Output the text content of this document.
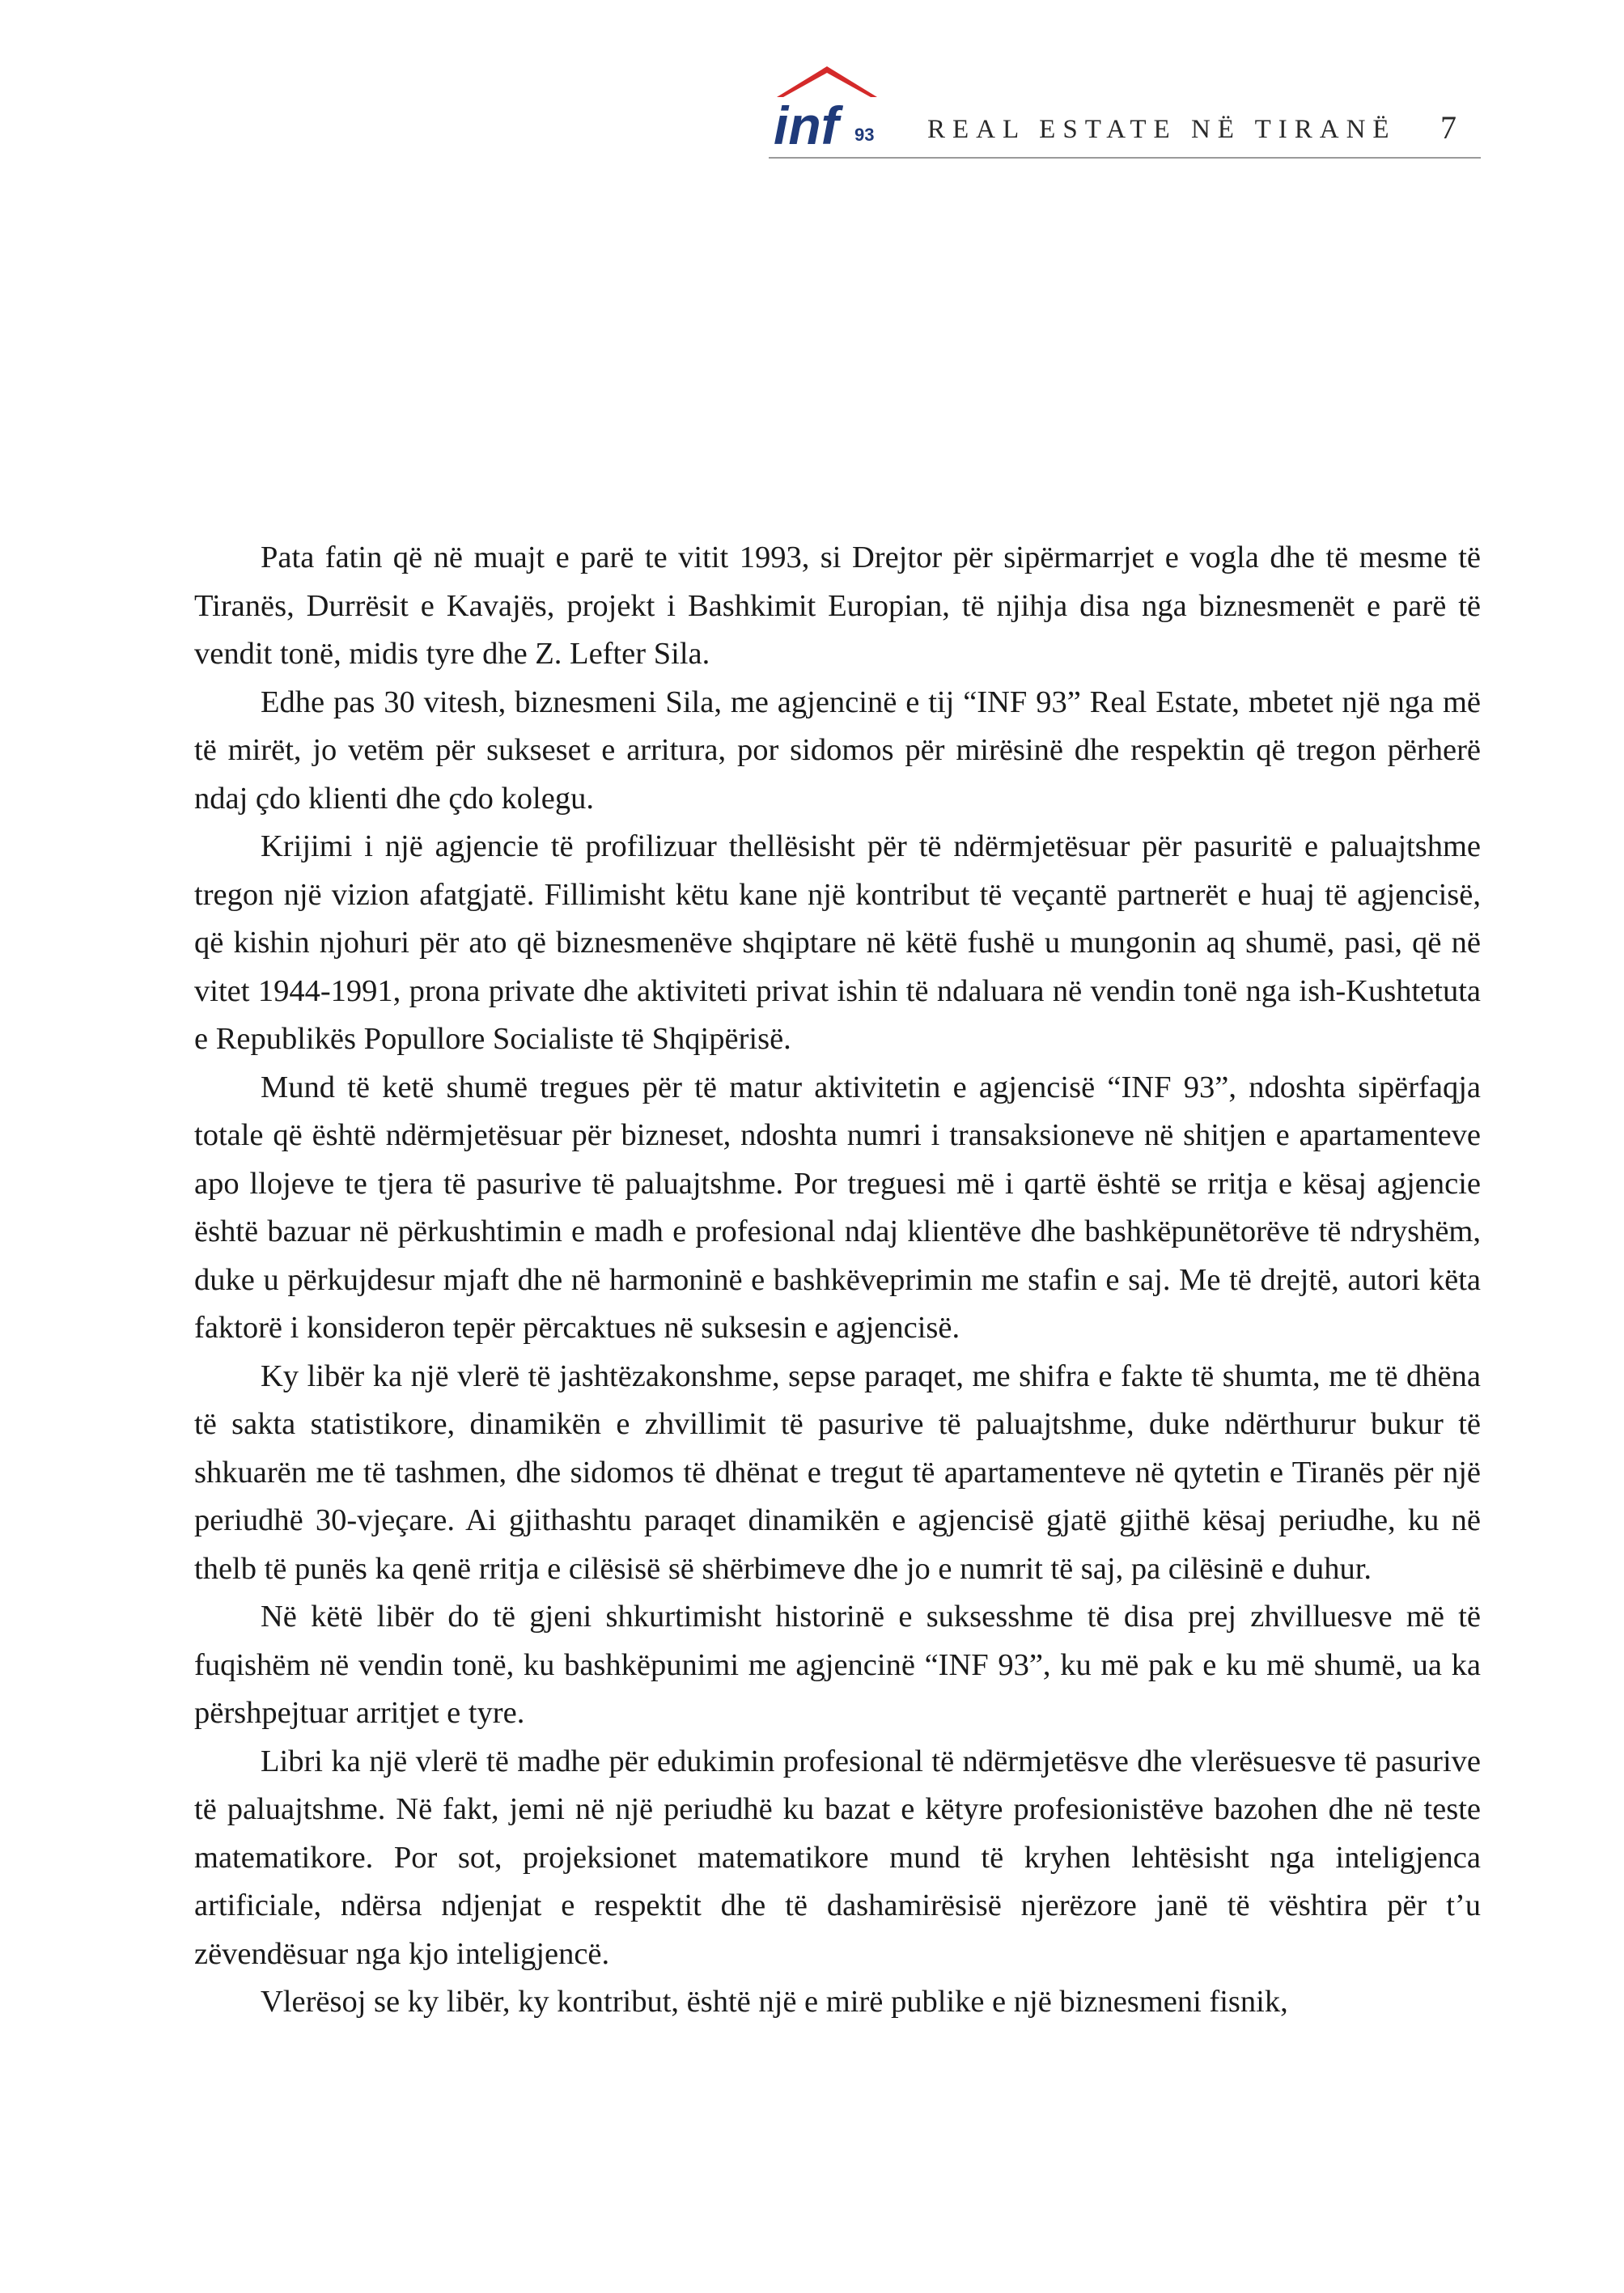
inf 93 REAL ESTATE NË TIRANË 7

Pata fatin që në muajt e parë te vitit 1993, si Drejtor për sipërmarrjet e vogla dhe të mesme të Tiranës, Durrësit e Kavajës, projekt i Bashkimit Europian, të njihja disa nga biznesmenët e parë të vendit tonë, midis tyre dhe Z. Lefter Sila.

Edhe pas 30 vitesh, biznesmeni Sila, me agjencinë e tij “INF 93” Real Estate, mbetet një nga më të mirët, jo vetëm për sukseset e arritura, por sidomos për mirësinë dhe respektin që tregon përherë ndaj çdo klienti dhe çdo kolegu.

Krijimi i një agjencie të profilizuar thellësisht për të ndërmjetësuar për pasuritë e paluajtshme tregon një vizion afatgjatë. Fillimisht këtu kane një kontribut të veçantë partnerët e huaj të agjencisë, që kishin njohuri për ato që biznesmenëve shqiptare në këtë fushë u mungonin aq shumë, pasi, që në vitet 1944-1991, prona private dhe aktiviteti privat ishin të ndaluara në vendin tonë nga ish-Kushtetuta e Republikës Popullore Socialiste të Shqipërisë.

Mund të ketë shumë tregues për të matur aktivitetin e agjencisë “INF 93”, ndoshta sipërfaqja totale që është ndërmjetësuar për bizneset, ndoshta numri i transaksioneve në shitjen e apartamenteve apo llojeve te tjera të pasurive të paluajtshme. Por treguesi më i qartë është se rritja e kësaj agjencie është bazuar në përkushtimin e madh e profesional ndaj klientëve dhe bashkëpunëtorëve të ndryshëm, duke u përkujdesur mjaft dhe në harmoninë e bashkëveprimin me stafin e saj. Me të drejtë, autori këta faktorë i konsideron tepër përcaktues në suksesin e agjencisë.

Ky libër ka një vlerë të jashtëzakonshme, sepse paraqet, me shifra e fakte të shumta, me të dhëna të sakta statistikore, dinamikën e zhvillimit të pasurive të paluajtshme, duke ndërthurur bukur të shkuarën me të tashmen, dhe sidomos të dhënat e tregut të apartamenteve në qytetin e Tiranës për një periudhë 30-vjeçare. Ai gjithashtu paraqet dinamikën e agjencisë gjatë gjithë kësaj periudhe, ku në thelb të punës ka qenë rritja e cilësisë së shërbimeve dhe jo e numrit të saj, pa cilësinë e duhur.

Në këtë libër do të gjeni shkurtimisht historinë e suksesshme të disa prej zhvilluesve më të fuqishëm në vendin tonë, ku bashkëpunimi me agjencinë “INF 93”, ku më pak e ku më shumë, ua ka përshpejtuar arritjet e tyre.

Libri ka një vlerë të madhe për edukimin profesional të ndërmjetësve dhe vlerësuesve të pasurive të paluajtshme. Në fakt, jemi në një periudhë ku bazat e këtyre profesionistëve bazohen dhe në teste matematikore. Por sot, projeksionet matematikore mund të kryhen lehtësisht nga inteligjenca artificiale, ndërsa ndjenjat e respektit dhe të dashamirësisë njerëzore janë të vështira për t’u zëvendësuar nga kjo inteligjencë.

Vlerësoj se ky libër, ky kontribut, është një e mirë publike e një biznesmeni fisnik,
